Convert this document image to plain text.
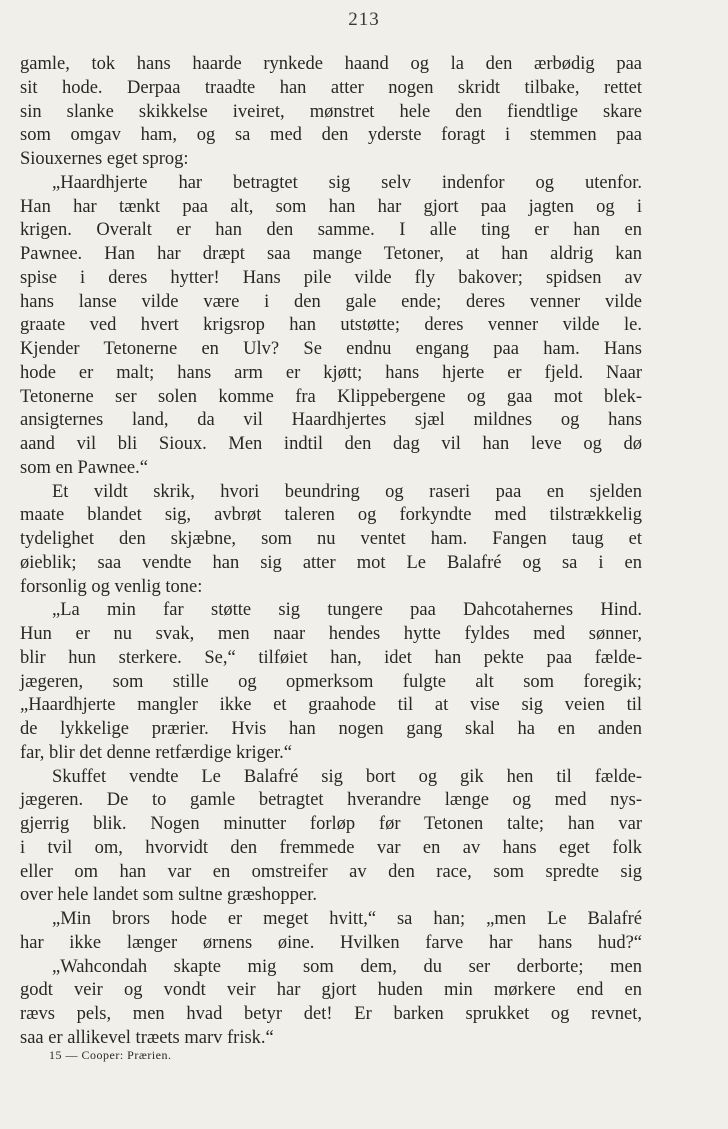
213
gamle, tok hans haarde rynkede haand og la den ærbødig paa
sit hode. Derpaa traadte han atter nogen skridt tilbake, rettet
sin slanke skikkelse iveiret, mønstret hele den fiendtlige skare
som omgav ham, og sa med den yderste foragt i stemmen paa
Siouxernes eget sprog:
„Haardhjerte har betragtet sig selv indenfor og utenfor.
Han har tænkt paa alt, som han har gjort paa jagten og i
krigen. Overalt er han den samme. I alle ting er han en
Pawnee. Han har dræpt saa mange Tetoner, at han aldrig kan
spise i deres hytter! Hans pile vilde fly bakover; spidsen av
hans lanse vilde være i den gale ende; deres venner vilde
graate ved hvert krigsrop han utstøtte; deres venner vilde le.
Kjender Tetonerne en Ulv? Se endnu engang paa ham. Hans
hode er malt; hans arm er kjøtt; hans hjerte er fjeld. Naar
Tetonerne ser solen komme fra Klippebergene og gaa mot blek-
ansigternes land, da vil Haardhjertes sjæl mildnes og hans
aand vil bli Sioux. Men indtil den dag vil han leve og dø
som en Pawnee.“
Et vildt skrik, hvori beundring og raseri paa en sjelden
maate blandet sig, avbrøt taleren og forkyndte med tilstrækkelig
tydelighet den skjæbne, som nu ventet ham. Fangen taug et
øieblik; saa vendte han sig atter mot Le Balafré og sa i en
forsonlig og venlig tone:
„La min far støtte sig tungere paa Dahcotahernes Hind.
Hun er nu svak, men naar hendes hytte fyldes med sønner,
blir hun sterkere. Se,“ tilføiet han, idet han pekte paa fælde-
jægeren, som stille og opmerksom fulgte alt som foregik;
„Haardhjerte mangler ikke et graahode til at vise sig veien til
de lykkelige prærier. Hvis han nogen gang skal ha en anden
far, blir det denne retfærdige kriger.“
Skuffet vendte Le Balafré sig bort og gik hen til fælde-
jægeren. De to gamle betragtet hverandre længe og med nys-
gjerrig blik. Nogen minutter forløp før Tetonen talte; han var
i tvil om, hvorvidt den fremmede var en av hans eget folk
eller om han var en omstreifer av den race, som spredte sig
over hele landet som sultne græshopper.
„Min brors hode er meget hvitt,“ sa han; „men Le Balafré
har ikke længer ørnens øine. Hvilken farve har hans hud?“
„Wahcondah skapte mig som dem, du ser derborte; men
godt veir og vondt veir har gjort huden min mørkere end en
rævs pels, men hvad betyr det! Er barken sprukket og revnet,
saa er allikevel træets marv frisk.“
15 — Cooper: Prærien.
